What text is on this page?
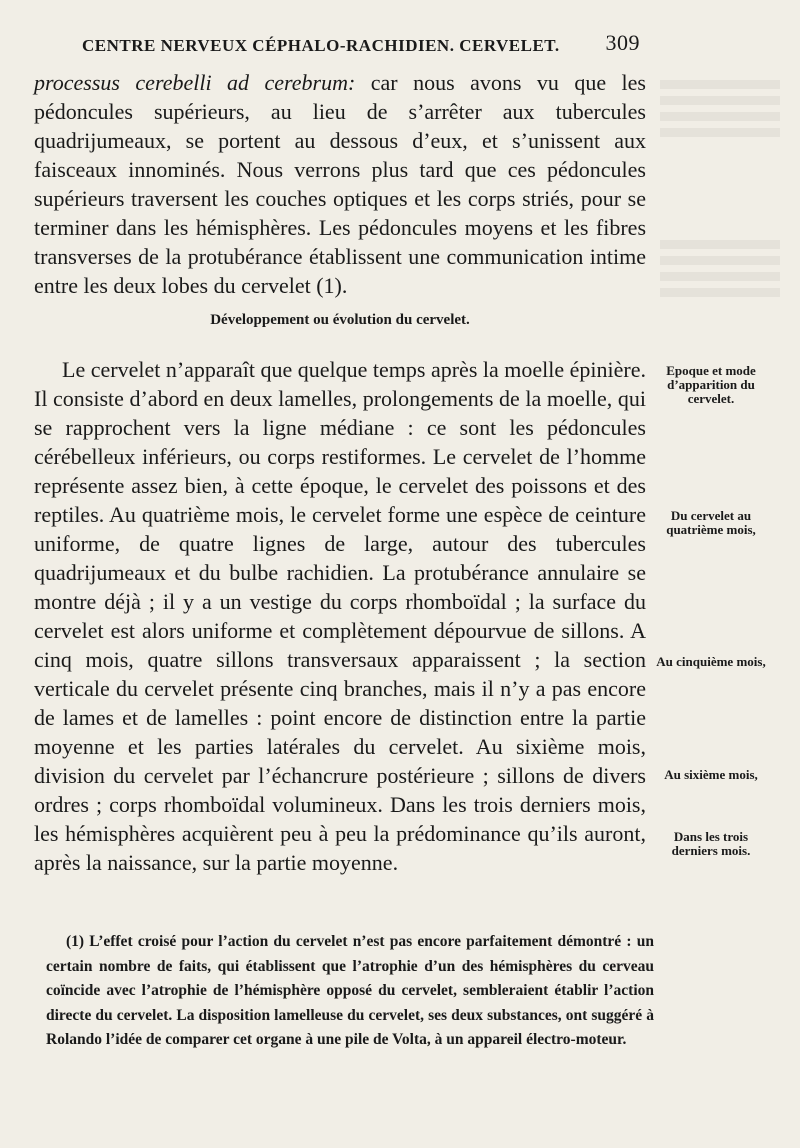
CENTRE NERVEUX CÉPHALO-RACHIDIEN. CERVELET. 309
processus cerebelli ad cerebrum: car nous avons vu que les pédoncules supérieurs, au lieu de s’arrêter aux tubercules quadrijumeaux, se portent au dessous d’eux, et s’unissent aux faisceaux innominés. Nous verrons plus tard que ces pédoncules supérieurs traversent les couches optiques et les corps striés, pour se terminer dans les hémisphères. Les pédoncules moyens et les fibres transverses de la protubérance établissent une communication intime entre les deux lobes du cervelet (1).
Développement ou évolution du cervelet.
Le cervelet n’apparaît que quelque temps après la moelle épinière. Il consiste d’abord en deux lamelles, prolongements de la moelle, qui se rapprochent vers la ligne médiane : ce sont les pédoncules cérébelleux inférieurs, ou corps restiformes. Le cervelet de l’homme représente assez bien, à cette époque, le cervelet des poissons et des reptiles. Au quatrième mois, le cervelet forme une espèce de ceinture uniforme, de quatre lignes de large, autour des tubercules quadrijumeaux et du bulbe rachidien. La protubérance annulaire se montre déjà ; il y a un vestige du corps rhomboïdal ; la surface du cervelet est alors uniforme et complètement dépourvue de sillons. A cinq mois, quatre sillons transversaux apparaissent ; la section verticale du cervelet présente cinq branches, mais il n’y a pas encore de lames et de lamelles : point encore de distinction entre la partie moyenne et les parties latérales du cervelet. Au sixième mois, division du cervelet par l’échancrure postérieure ; sillons de divers ordres ; corps rhomboïdal volumineux. Dans les trois derniers mois, les hémisphères acquièrent peu à peu la prédominance qu’ils auront, après la naissance, sur la partie moyenne.
Epoque et mode d’apparition du cervelet.
Du cervelet au quatrième mois,
Au cinquième mois,
Au sixième mois,
Dans les trois derniers mois.
(1) L’effet croisé pour l’action du cervelet n’est pas encore parfaitement démontré : un certain nombre de faits, qui établissent que l’atrophie d’un des hémisphères du cerveau coïncide avec l’atrophie de l’hémisphère opposé du cervelet, sembleraient établir l’action directe du cervelet. La disposition lamelleuse du cervelet, ses deux substances, ont suggéré à Rolando l’idée de comparer cet organe à une pile de Volta, à un appareil électro-moteur.
